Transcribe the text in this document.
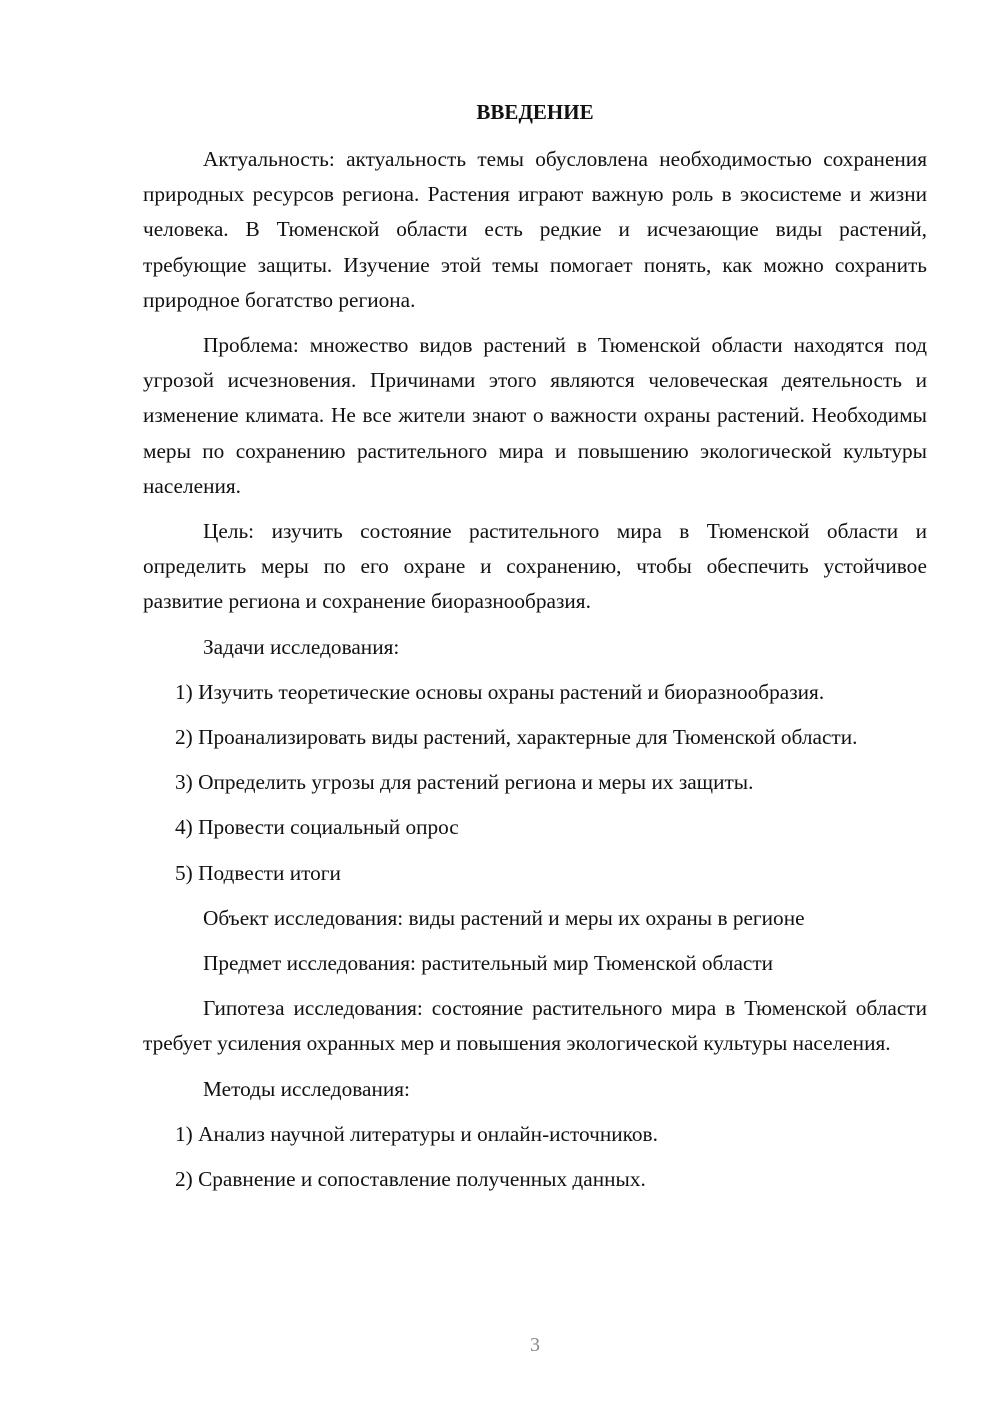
ВВЕДЕНИЕ

Актуальность: актуальность темы обусловлена необходимостью сохранения природных ресурсов региона. Растения играют важную роль в экосистеме и жизни человека. В Тюменской области есть редкие и исчезающие виды растений, требующие защиты. Изучение этой темы помогает понять, как можно сохранить природное богатство региона.

Проблема: множество видов растений в Тюменской области находятся под угрозой исчезновения. Причинами этого являются человеческая деятельность и изменение климата. Не все жители знают о важности охраны растений. Необходимы меры по сохранению растительного мира и повышению экологической культуры населения.

Цель: изучить состояние растительного мира в Тюменской области и определить меры по его охране и сохранению, чтобы обеспечить устойчивое развитие региона и сохранение биоразнообразия.

Задачи исследования:

1) Изучить теоретические основы охраны растений и биоразнообразия.

2) Проанализировать виды растений, характерные для Тюменской области.

3) Определить угрозы для растений региона и меры их защиты.

4) Провести социальный опрос

5) Подвести итоги

Объект исследования: виды растений и меры их охраны в регионе

Предмет исследования: растительный мир Тюменской области

Гипотеза исследования: состояние растительного мира в Тюменской области требует усиления охранных мер и повышения экологической культуры населения.

Методы исследования:

1) Анализ научной литературы и онлайн-источников.

2) Сравнение и сопоставление полученных данных.

3
